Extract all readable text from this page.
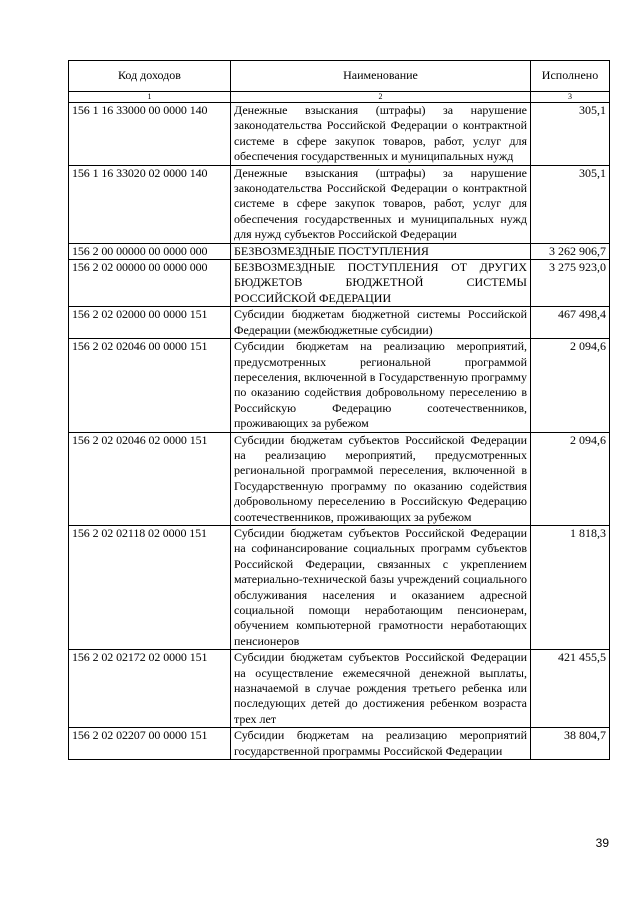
Код доходов	Наименование	Исполнено
1	2	3
156 1 16 33000 00 0000 140	Денежные взыскания (штрафы) за нарушение законодательства Российской Федерации о контрактной системе в сфере закупок товаров, работ, услуг для обеспечения государственных и муниципальных нужд	305,1
156 1 16 33020 02 0000 140	Денежные взыскания (штрафы) за нарушение законодательства Российской Федерации о контрактной системе в сфере закупок товаров, работ, услуг для обеспечения государственных и муниципальных нужд для нужд субъектов Российской Федерации	305,1
156 2 00 00000 00 0000 000	БЕЗВОЗМЕЗДНЫЕ ПОСТУПЛЕНИЯ	3 262 906,7
156 2 02 00000 00 0000 000	БЕЗВОЗМЕЗДНЫЕ ПОСТУПЛЕНИЯ ОТ ДРУГИХ БЮДЖЕТОВ БЮДЖЕТНОЙ СИСТЕМЫ РОССИЙСКОЙ ФЕДЕРАЦИИ	3 275 923,0
156 2 02 02000 00 0000 151	Субсидии бюджетам бюджетной системы Российской Федерации (межбюджетные субсидии)	467 498,4
156 2 02 02046 00 0000 151	Субсидии бюджетам на реализацию мероприятий, предусмотренных региональной программой переселения, включенной в Государственную программу по оказанию содействия добровольному переселению в Российскую Федерацию соотечественников, проживающих за рубежом	2 094,6
156 2 02 02046 02 0000 151	Субсидии бюджетам субъектов Российской Федерации на реализацию мероприятий, предусмотренных региональной программой переселения, включенной в Государственную программу по оказанию содействия добровольному переселению в Российскую Федерацию соотечественников, проживающих за рубежом	2 094,6
156 2 02 02118 02 0000 151	Субсидии бюджетам субъектов Российской Федерации на софинансирование социальных программ субъектов Российской Федерации, связанных с укреплением материально-технической базы учреждений социального обслуживания населения и оказанием адресной социальной помощи неработающим пенсионерам, обучением компьютерной грамотности неработающих пенсионеров	1 818,3
156 2 02 02172 02 0000 151	Субсидии бюджетам субъектов Российской Федерации на осуществление ежемесячной денежной выплаты, назначаемой в случае рождения третьего ребенка или последующих детей до достижения ребенком возраста трех лет	421 455,5
156 2 02 02207 00 0000 151	Субсидии бюджетам на реализацию мероприятий государственной программы Российской Федерации	38 804,7
39
